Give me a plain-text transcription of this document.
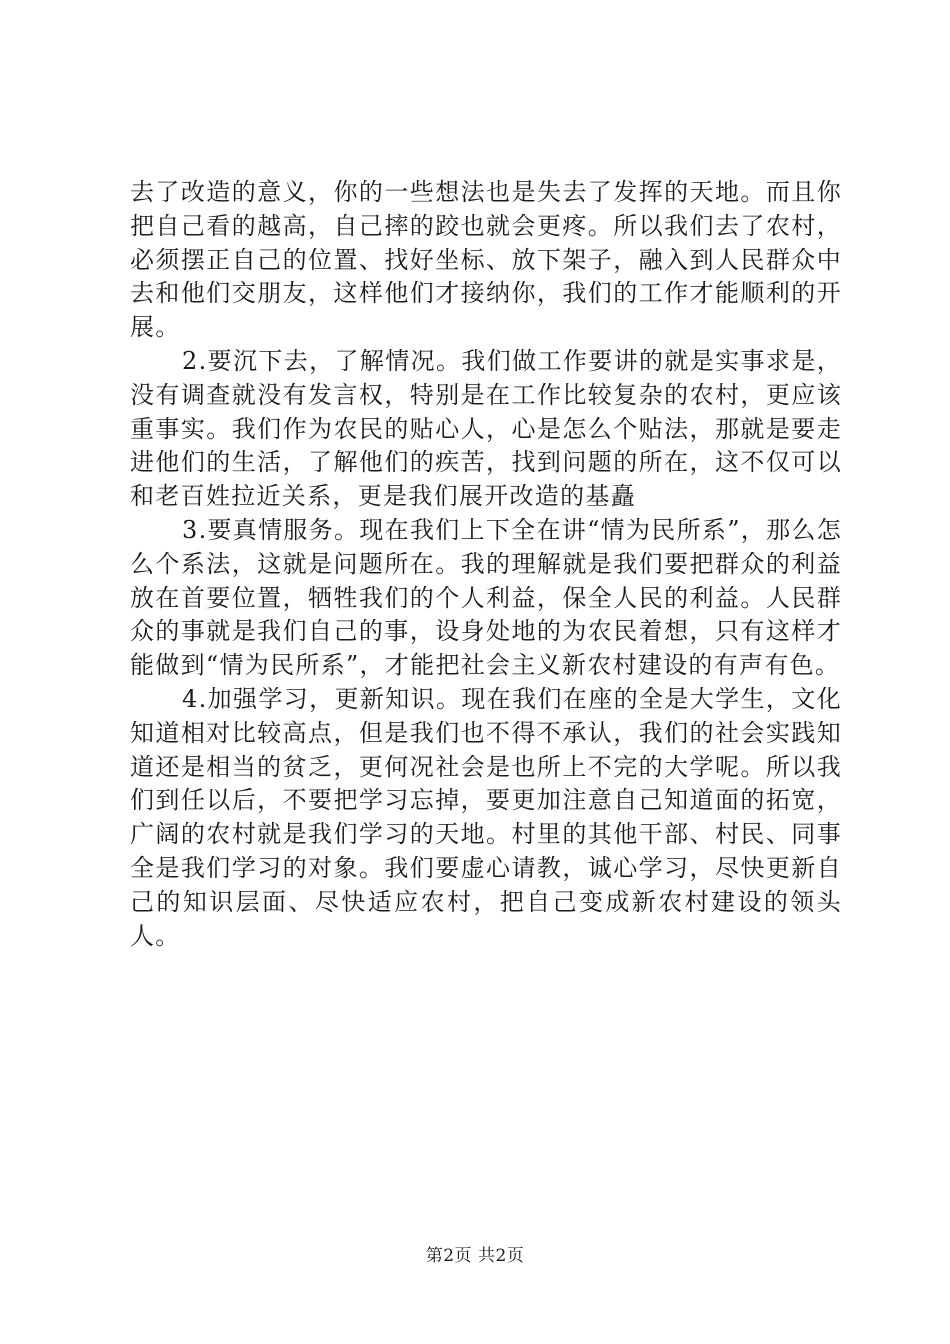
去了改造的意义，你的一些想法也是失去了发挥的天地。而且你把自己看的越高，自己摔的跤也就会更疼。所以我们去了农村，必须摆正自己的位置、找好坐标、放下架子，融入到人民群众中去和他们交朋友，这样他们才接纳你，我们的工作才能顺利的开展。

2.要沉下去，了解情况。我们做工作要讲的就是实事求是，没有调查就没有发言权，特别是在工作比较复杂的农村，更应该重事实。我们作为农民的贴心人，心是怎么个贴法，那就是要走进他们的生活，了解他们的疾苦，找到问题的所在，这不仅可以和老百姓拉近关系，更是我们展开改造的基矗

3.要真情服务。现在我们上下全在讲“情为民所系”，那么怎么个系法，这就是问题所在。我的理解就是我们要把群众的利益放在首要位置，牺牲我们的个人利益，保全人民的利益。人民群众的事就是我们自己的事，设身处地的为农民着想，只有这样才能做到“情为民所系”，才能把社会主义新农村建设的有声有色。

4.加强学习，更新知识。现在我们在座的全是大学生，文化知道相对比较高点，但是我们也不得不承认，我们的社会实践知道还是相当的贫乏，更何况社会是也所上不完的大学呢。所以我们到任以后，不要把学习忘掉，要更加注意自己知道面的拓宽，广阔的农村就是我们学习的天地。村里的其他干部、村民、同事全是我们学习的对象。我们要虚心请教，诚心学习，尽快更新自己的知识层面、尽快适应农村，把自己变成新农村建设的领头人。

第2页 共2页
